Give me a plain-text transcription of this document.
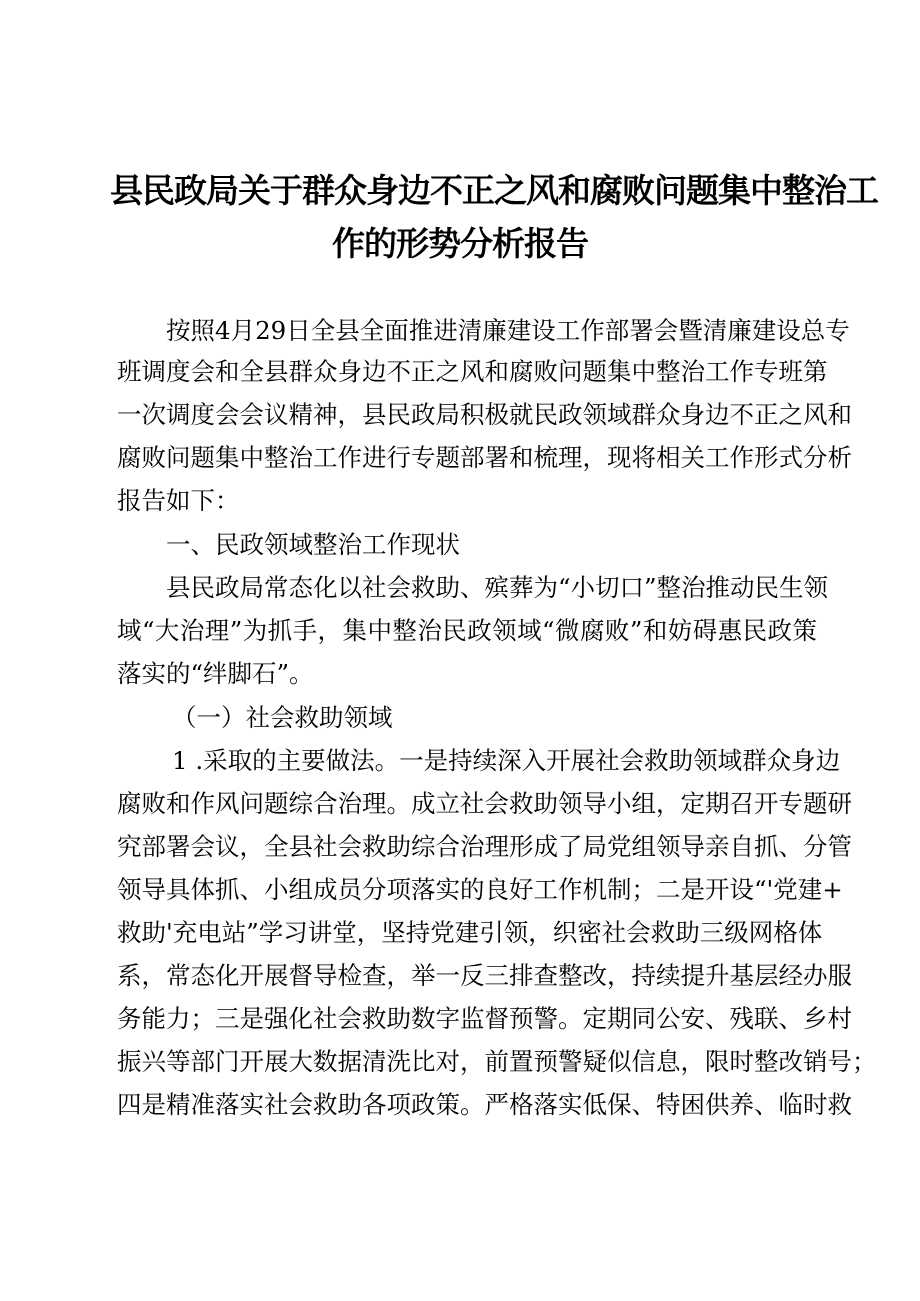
县民政局关于群众身边不正之风和腐败问题集中整治工
作的形势分析报告
按照4月29日全县全面推进清廉建设工作部署会暨清廉建设总专
班调度会和全县群众身边不正之风和腐败问题集中整治工作专班第
一次调度会会议精神，县民政局积极就民政领域群众身边不正之风和
腐败问题集中整治工作进行专题部署和梳理，现将相关工作形式分析
报告如下：
一、民政领域整治工作现状
县民政局常态化以社会救助、殡葬为“小切口”整治推动民生领
域“大治理”为抓手，集中整治民政领域“微腐败”和妨碍惠民政策
落实的“绊脚石”。
（一）社会救助领域
1 .采取的主要做法。一是持续深入开展社会救助领域群众身边
腐败和作风问题综合治理。成立社会救助领导小组，定期召开专题研
究部署会议，全县社会救助综合治理形成了局党组领导亲自抓、分管
领导具体抓、小组成员分项落实的良好工作机制；二是开设“'党建+
救助'充电站”学习讲堂，坚持党建引领，织密社会救助三级网格体
系，常态化开展督导检查，举一反三排查整改，持续提升基层经办服
务能力；三是强化社会救助数字监督预警。定期同公安、残联、乡村
振兴等部门开展大数据清洗比对，前置预警疑似信息，限时整改销号；
四是精准落实社会救助各项政策。严格落实低保、特困供养、临时救
